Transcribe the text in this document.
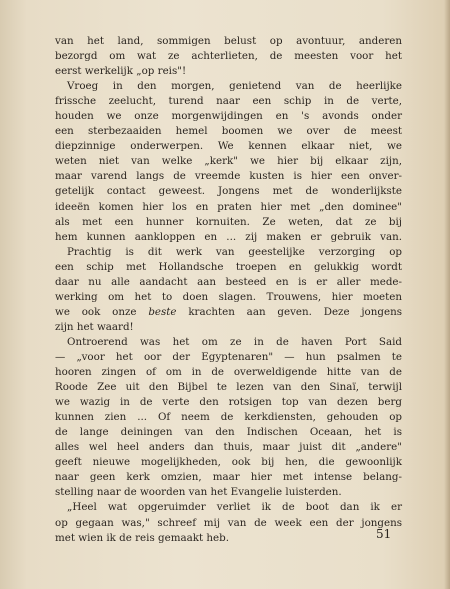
van het land, sommigen belust op avontuur, anderen
bezorgd om wat ze achterlieten, de meesten voor het
eerst werkelijk „op reis"!
Vroeg in den morgen, genietend van de heerlijke
frissche zeelucht, turend naar een schip in de verte,
houden we onze morgenwijdingen en 's avonds onder
een sterbezaaiden hemel boomen we over de meest
diepzinnige onderwerpen. We kennen elkaar niet, we
weten niet van welke „kerk" we hier bij elkaar zijn,
maar varend langs de vreemde kusten is hier een onver-
getelijk contact geweest. Jongens met de wonderlijkste
ideeën komen hier los en praten hier met „den dominee"
als met een hunner kornuiten. Ze weten, dat ze bij
hem kunnen aankloppen en ... zij maken er gebruik van.
Prachtig is dit werk van geestelijke verzorging op
een schip met Hollandsche troepen en gelukkig wordt
daar nu alle aandacht aan besteed en is er aller mede-
werking om het to doen slagen. Trouwens, hier moeten
we ook onze beste krachten aan geven. Deze jongens
zijn het waard!
Ontroerend was het om ze in de haven Port Said
— „voor het oor der Egyptenaren" — hun psalmen te
hooren zingen of om in de overweldigende hitte van de
Roode Zee uit den Bijbel te lezen van den Sinaï, terwijl
we wazig in de verte den rotsigen top van dezen berg
kunnen zien ... Of neem de kerkdiensten, gehouden op
de lange deiningen van den Indischen Oceaan, het is
alles wel heel anders dan thuis, maar juist dit „andere"
geeft nieuwe mogelijkheden, ook bij hen, die gewoonlijk
naar geen kerk omzien, maar hier met intense belang-
stelling naar de woorden van het Evangelie luisterden.
„Heel wat opgeruimder verliet ik de boot dan ik er
op gegaan was," schreef mij van de week een der jongens
met wien ik de reis gemaakt heb.	51
